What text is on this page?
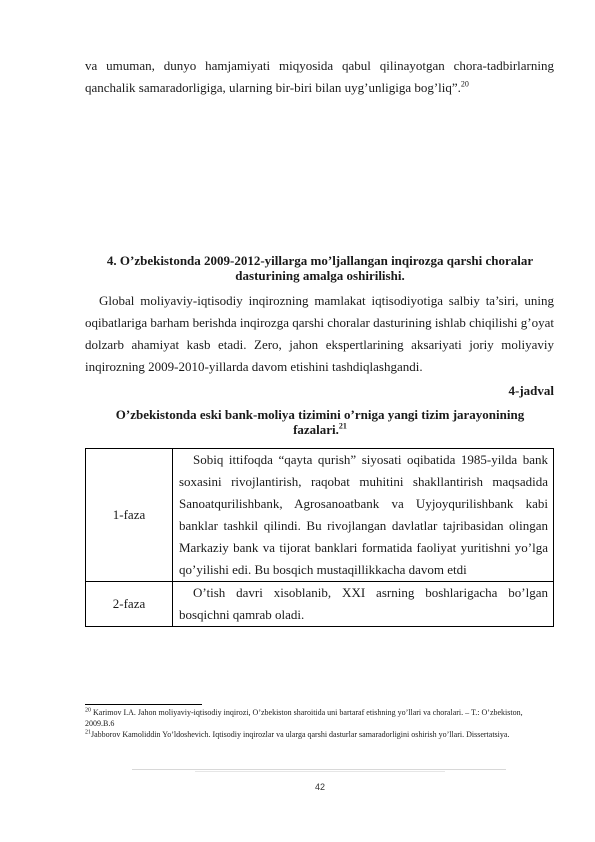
va umuman, dunyo hamjamiyati miqyosida qabul qilinayotgan chora-tadbirlarning qanchalik samaradorligiga, ularning bir-biri bilan uyg’unligiga bog’liq”.$^{20}$

4. O’zbekistonda 2009-2012-yillarga mo’ljallangan inqirozga qarshi choralar dasturining amalga oshirilishi.

Global moliyaviy-iqtisodiy inqirozning mamlakat iqtisodiyotiga salbiy ta’siri, uning oqibatlariga barham berishda inqirozga qarshi choralar dasturining ishlab chiqilishi g’oyat dolzarb ahamiyat kasb etadi. Zero, jahon ekspertlarining aksariyati joriy moliyaviy inqirozning 2009-2010-yillarda davom etishini tashdiqlashgandi.

4-jadval

O’zbekistonda eski bank-moliya tizimini o’rniga yangi tizim jarayonining fazalari.$^{21}$

1-faza	Sobiq ittifoqda “qayta qurish” siyosati oqibatida 1985-yilda bank soxasini rivojlantirish, raqobat muhitini shakllantirish maqsadida Sanoatqurilishbank, Agrosanoatbank va Uyjoyqurilishbank kabi banklar tashkil qilindi. Bu rivojlangan davlatlar tajribasidan olingan Markaziy bank va tijorat banklari formatida faoliyat yuritishni yo’lga qo’yilishi edi. Bu bosqich mustaqillikkacha davom etdi
2-faza	O’tish davri xisoblanib, XXI asrning boshlarigacha bo’lgan bosqichni qamrab oladi.

$^{20}$ Karimov I.A. Jahon moliyaviy-iqtisodiy inqirozi, O’zbekiston sharoitida uni bartaraf etishning yo’llari va choralari. – T.: O’zbekiston, 2009.B.6

$^{21}$Jabborov Kamoliddin Yo’ldoshevich. Iqtisodiy inqirozlar va ularga qarshi dasturlar samaradorligini oshirish yo’llari. Dissertatsiya.

42
